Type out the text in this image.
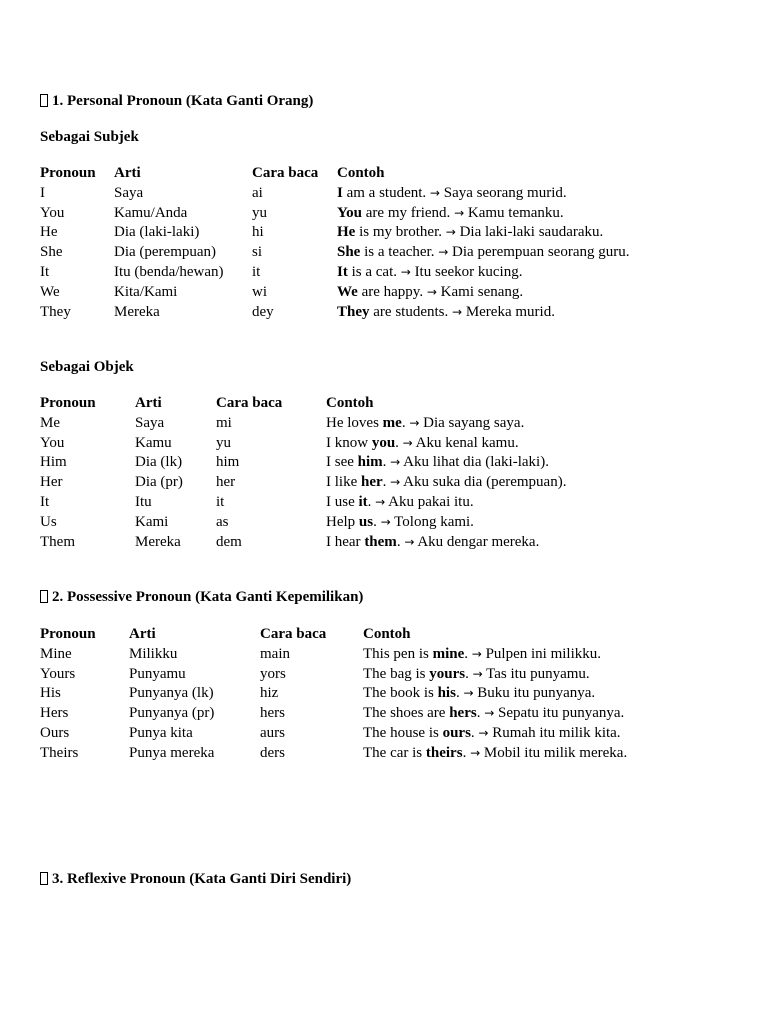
1. Personal Pronoun (Kata Ganti Orang)
Sebagai Subjek
Pronoun	Arti	Cara baca	Contoh
I	Saya	ai	I am a student. → Saya seorang murid.
You	Kamu/Anda	yu	You are my friend. → Kamu temanku.
He	Dia (laki-laki)	hi	He is my brother. → Dia laki-laki saudaraku.
She	Dia (perempuan)	si	She is a teacher. → Dia perempuan seorang guru.
It	Itu (benda/hewan)	it	It is a cat. → Itu seekor kucing.
We	Kita/Kami	wi	We are happy. → Kami senang.
They	Mereka	dey	They are students. → Mereka murid.
Sebagai Objek
Pronoun	Arti	Cara baca	Contoh
Me	Saya	mi	He loves me. → Dia sayang saya.
You	Kamu	yu	I know you. → Aku kenal kamu.
Him	Dia (lk)	him	I see him. → Aku lihat dia (laki-laki).
Her	Dia (pr)	her	I like her. → Aku suka dia (perempuan).
It	Itu	it	I use it. → Aku pakai itu.
Us	Kami	as	Help us. → Tolong kami.
Them	Mereka	dem	I hear them. → Aku dengar mereka.
2. Possessive Pronoun (Kata Ganti Kepemilikan)
Pronoun	Arti	Cara baca	Contoh
Mine	Milikku	main	This pen is mine. → Pulpen ini milikku.
Yours	Punyamu	yors	The bag is yours. → Tas itu punyamu.
His	Punyanya (lk)	hiz	The book is his. → Buku itu punyanya.
Hers	Punyanya (pr)	hers	The shoes are hers. → Sepatu itu punyanya.
Ours	Punya kita	aurs	The house is ours. → Rumah itu milik kita.
Theirs	Punya mereka	ders	The car is theirs. → Mobil itu milik mereka.
3. Reflexive Pronoun (Kata Ganti Diri Sendiri)
